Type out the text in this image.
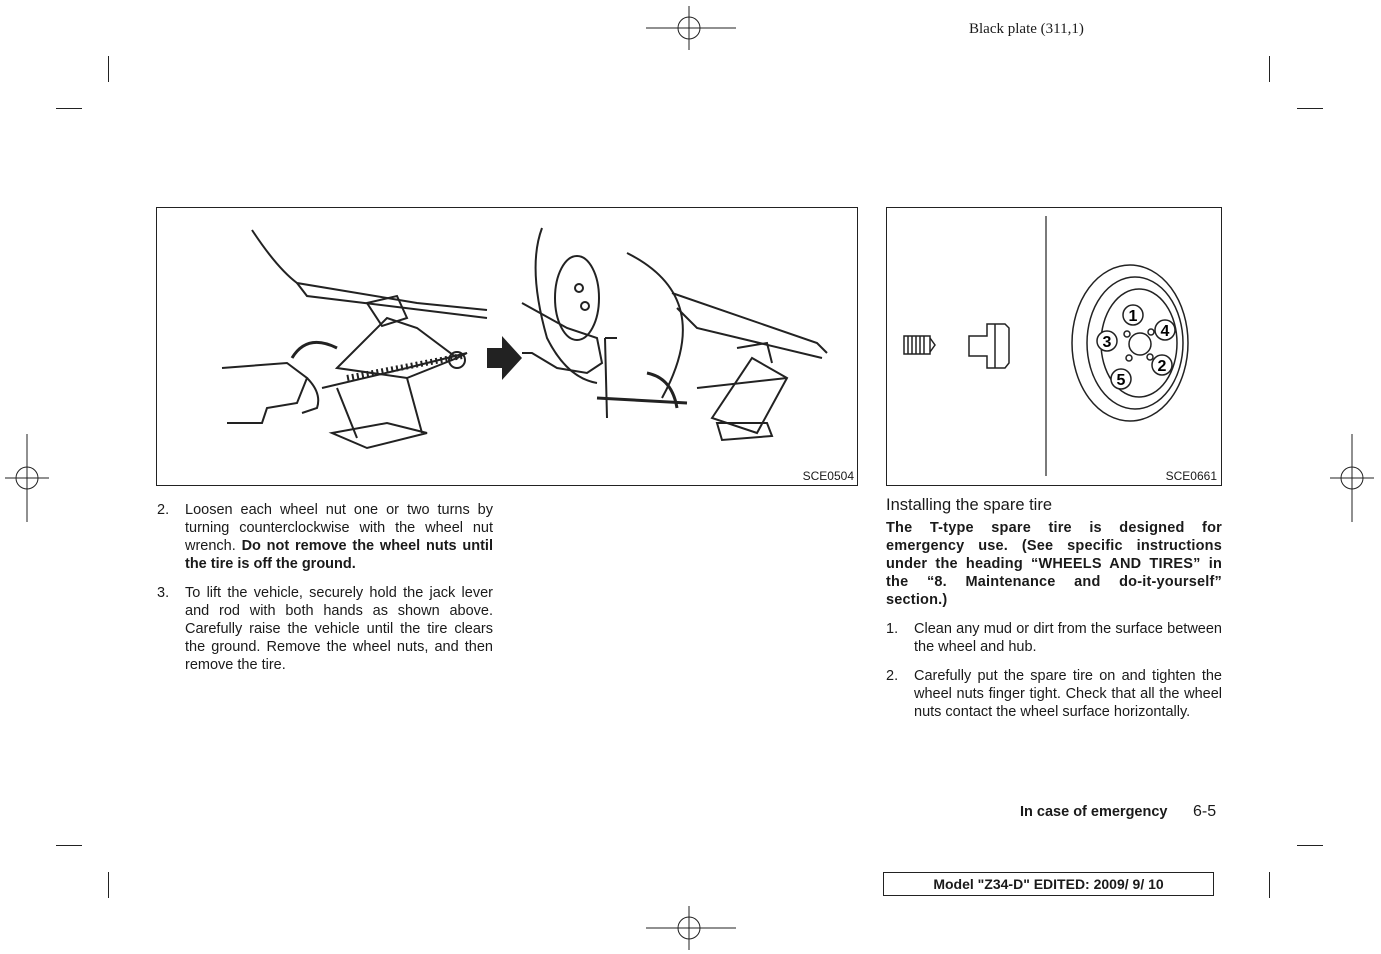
Black plate (311,1)
SCE0504
1
2
3
4
5
SCE0661
2. Loosen each wheel nut one or two turns by turning counterclockwise with the wheel nut wrench. Do not remove the wheel nuts until the tire is off the ground.
3. To lift the vehicle, securely hold the jack lever and rod with both hands as shown above. Carefully raise the vehicle until the tire clears the ground. Remove the wheel nuts, and then remove the tire.
Installing the spare tire
The T-type spare tire is designed for emergency use. (See specific instructions under the heading “WHEELS AND TIRES” in the “8. Maintenance and do-it-yourself” section.)
1. Clean any mud or dirt from the surface between the wheel and hub.
2. Carefully put the spare tire on and tighten the wheel nuts finger tight. Check that all the wheel nuts contact the wheel surface horizontally.
In case of emergency 6-5
Model "Z34-D" EDITED: 2009/ 9/ 10
